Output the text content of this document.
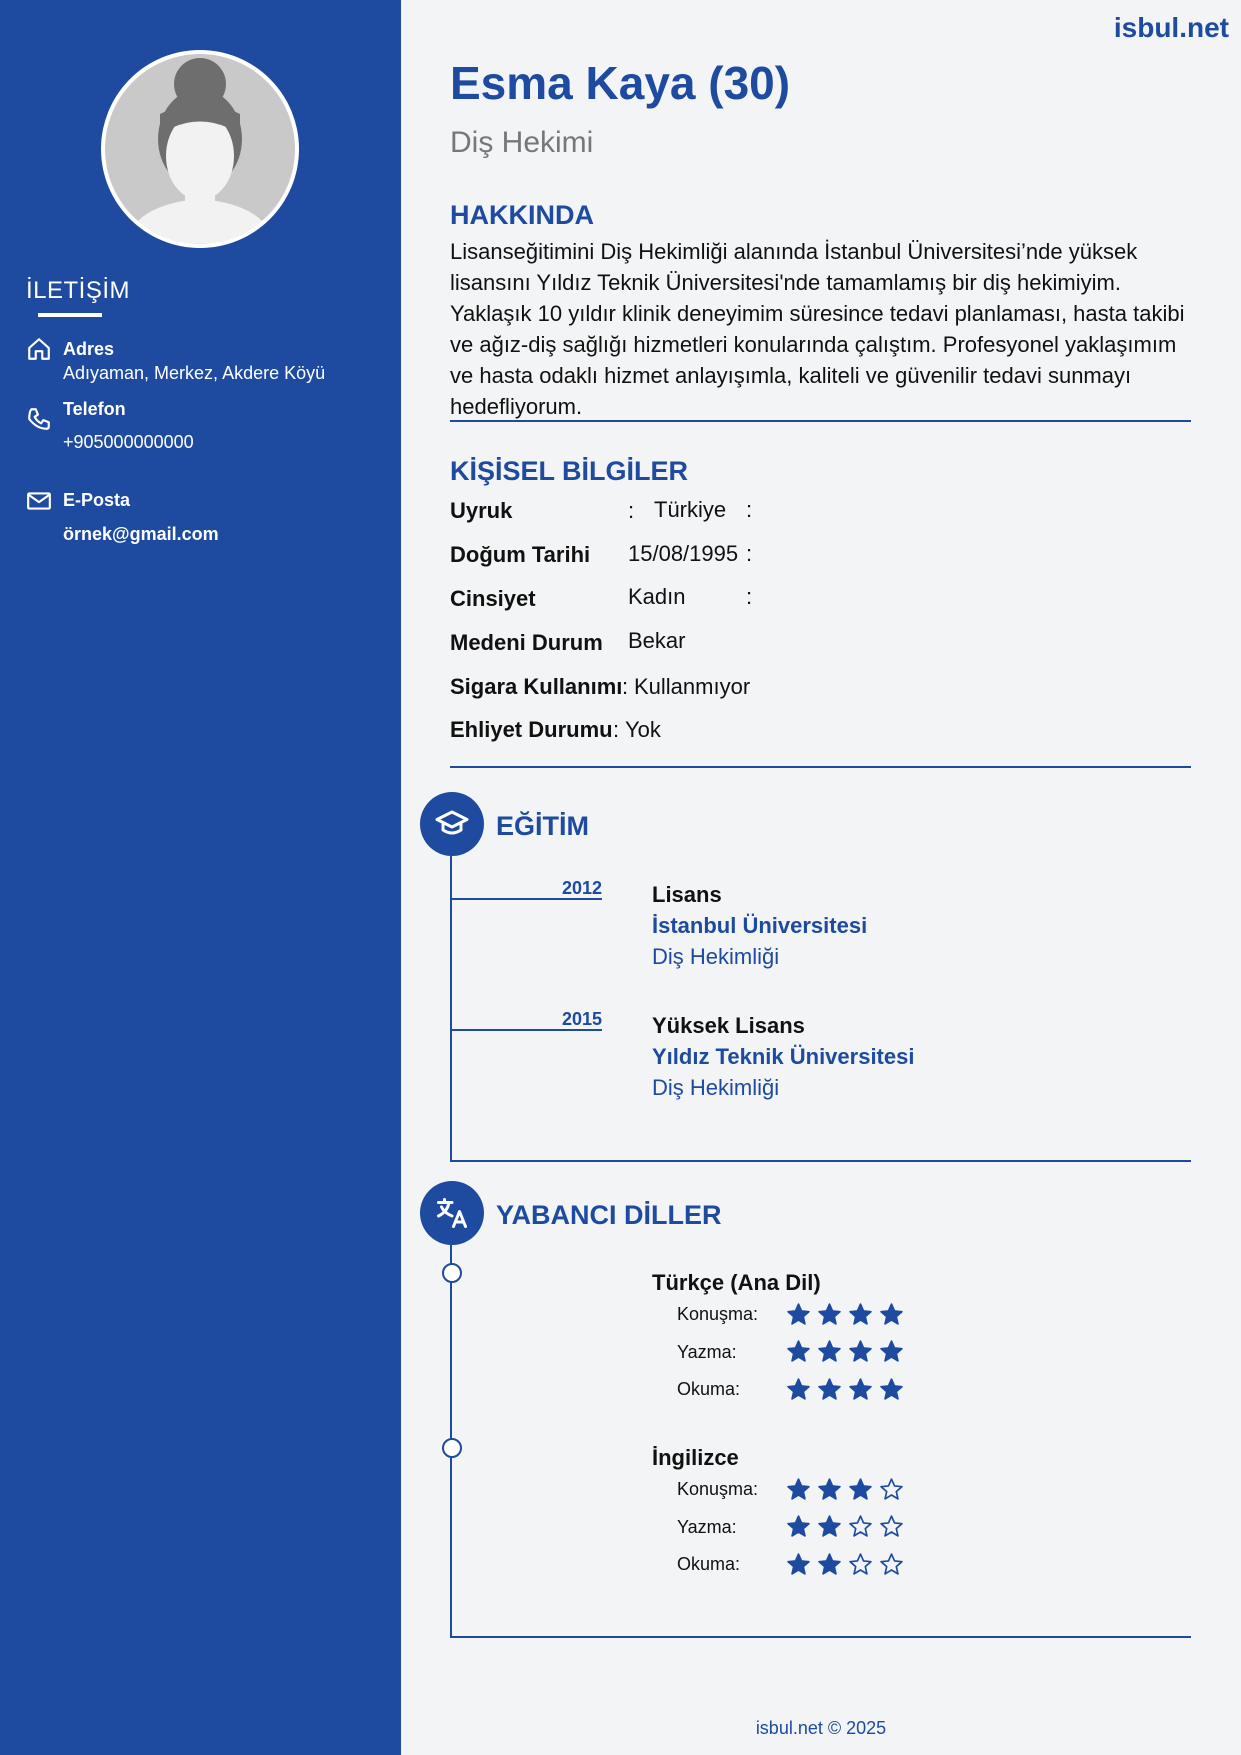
İLETİŞİM
Adres
Adıyaman, Merkez, Akdere Köyü
Telefon
+905000000000
E-Posta
örnek@gmail.com
isbul.net
Esma Kaya (30)
Diş Hekimi
HAKKINDA
Lisanseğitimini Diş Hekimliği alanında İstanbul Üniversitesi’nde yüksek lisansını Yıldız Teknik Üniversitesi'nde tamamlamış bir diş hekimiyim. Yaklaşık 10 yıldır klinik deneyimim süresince tedavi planlaması, hasta takibi ve ağız-diş sağlığı hizmetleri konularında çalıştım. Profesyonel yaklaşımım ve hasta odaklı hizmet anlayışımla, kaliteli ve güvenilir tedavi sunmayı hedefliyorum.
KİŞİSEL BİLGİLER
Uyruk	: Türkiye :
Doğum Tarihi 15/08/1995 :
Cinsiyet	Kadın	:
Medeni Durum Bekar
Sigara Kullanımı : Kullanmıyor
Ehliyet Durumu : Yok
EĞİTİM
2012 Lisans
İstanbul Üniversitesi
Diş Hekimliği
2015 Yüksek Lisans
Yıldız Teknik Üniversitesi
Diş Hekimliği
YABANCI DİLLER
Türkçe (Ana Dil)
Konuşma:
Yazma:
Okuma:
İngilizce
Konuşma:
Yazma:
Okuma:
isbul.net © 2025
